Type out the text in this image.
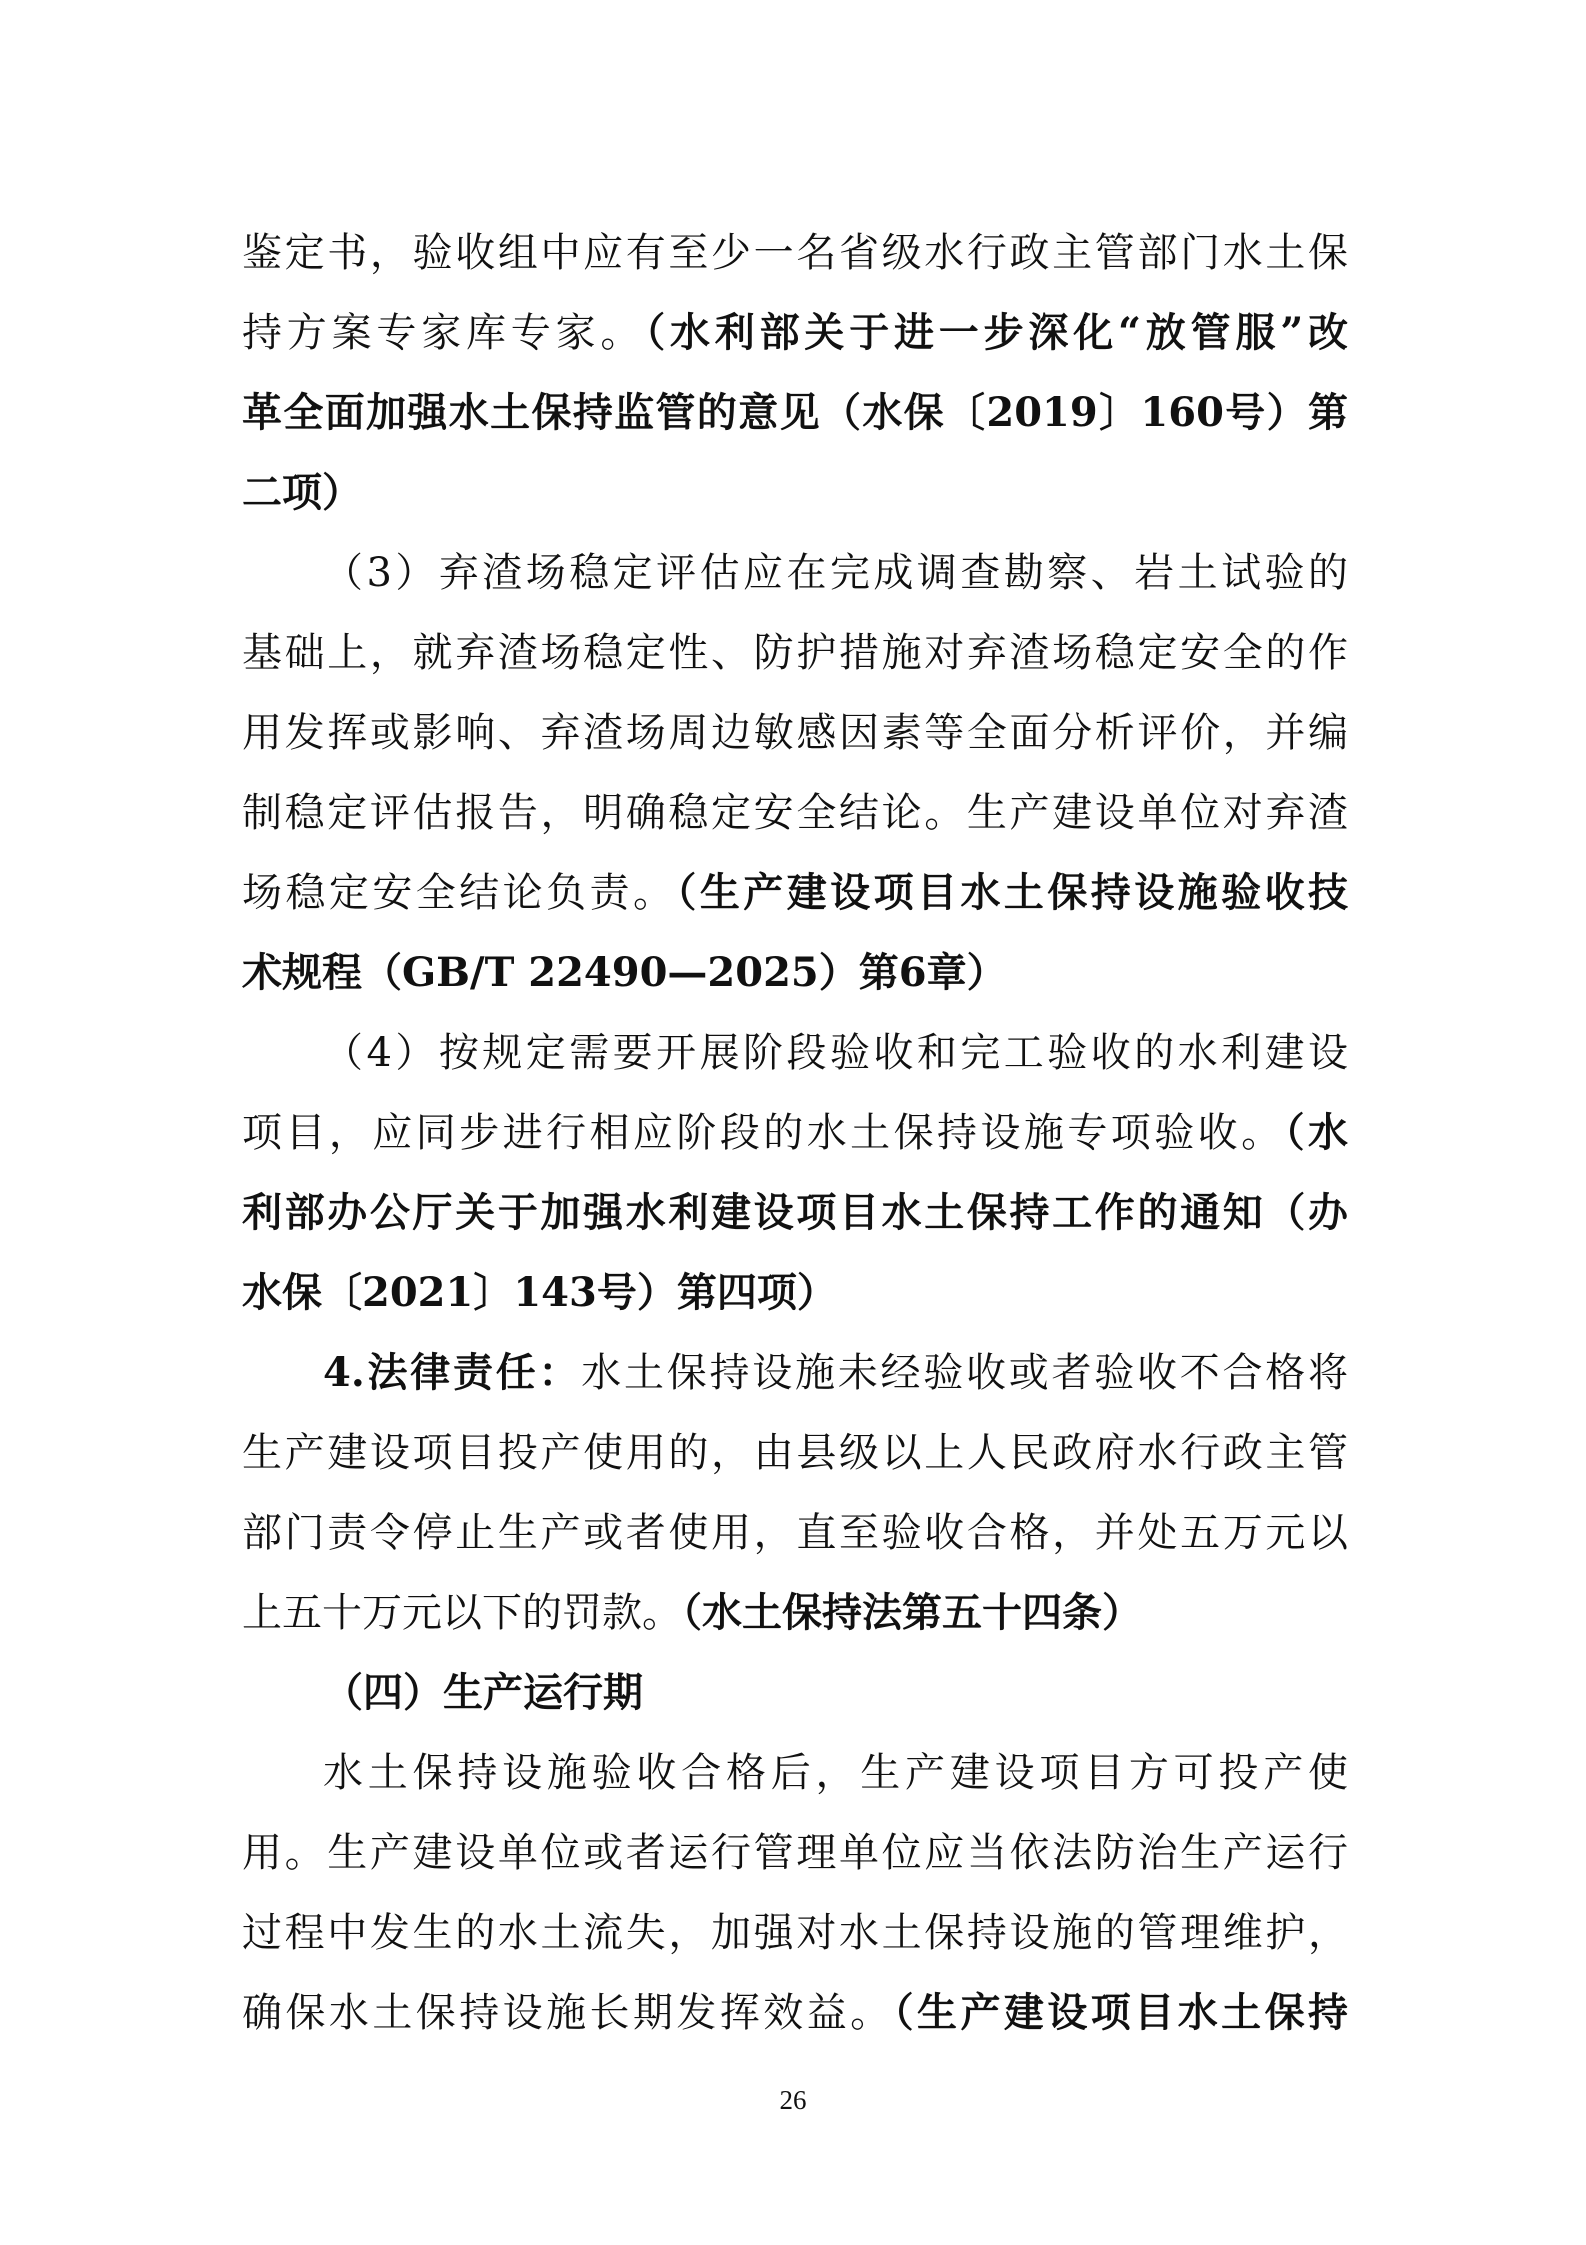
鉴定书，验收组中应有至少一名省级水行政主管部门水土保
持方案专家库专家。（水利部关于进一步深化“放管服”改
革全面加强水土保持监管的意见（水保〔2019〕160号）第
二项）
（3）弃渣场稳定评估应在完成调查勘察、岩土试验的
基础上，就弃渣场稳定性、防护措施对弃渣场稳定安全的作
用发挥或影响、弃渣场周边敏感因素等全面分析评价，并编
制稳定评估报告，明确稳定安全结论。生产建设单位对弃渣
场稳定安全结论负责。（生产建设项目水土保持设施验收技
术规程（GB/T 22490—2025）第6章）
（4）按规定需要开展阶段验收和完工验收的水利建设
项目，应同步进行相应阶段的水土保持设施专项验收。（水
利部办公厅关于加强水利建设项目水土保持工作的通知（办
水保〔2021〕143号）第四项）
4.法律责任：水土保持设施未经验收或者验收不合格将
生产建设项目投产使用的，由县级以上人民政府水行政主管
部门责令停止生产或者使用，直至验收合格，并处五万元以
上五十万元以下的罚款。（水土保持法第五十四条）
（四）生产运行期
水土保持设施验收合格后，生产建设项目方可投产使
用。生产建设单位或者运行管理单位应当依法防治生产运行
过程中发生的水土流失，加强对水土保持设施的管理维护，
确保水土保持设施长期发挥效益。（生产建设项目水土保持
26
